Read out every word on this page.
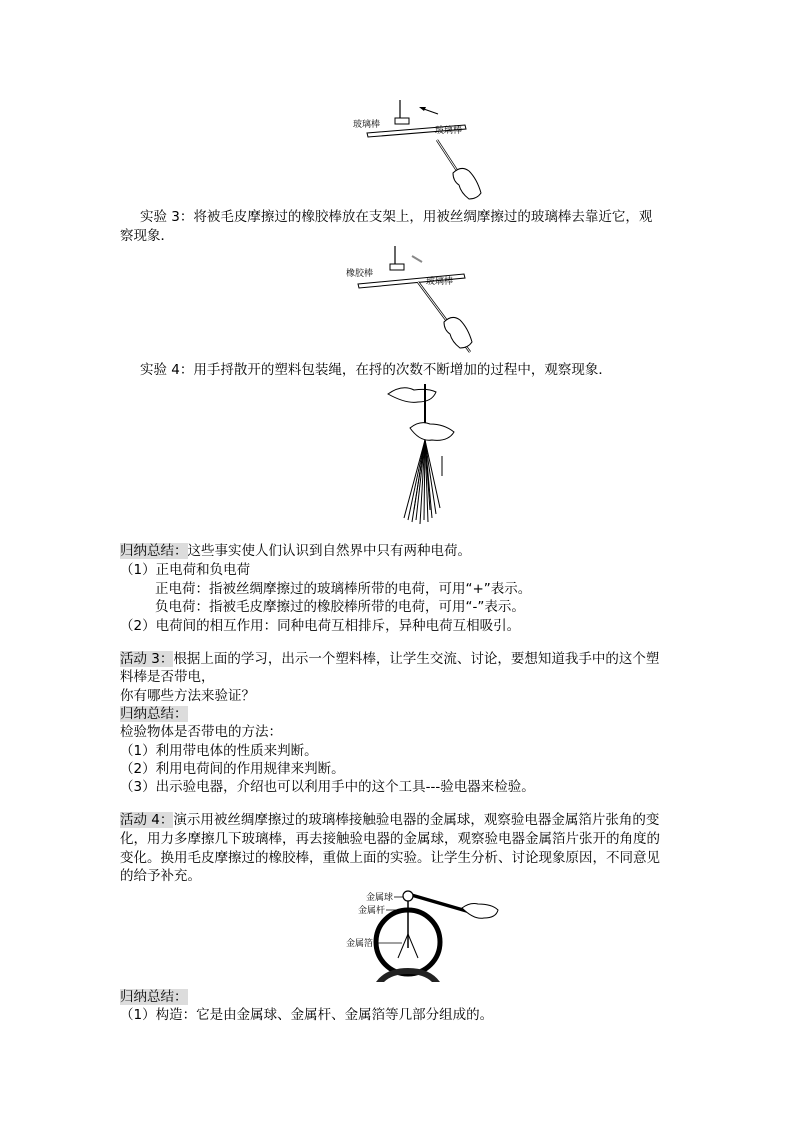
玻璃棒
玻璃棒
实验 3：将被毛皮摩擦过的橡胶棒放在支架上，用被丝绸摩擦过的玻璃棒去靠近它，观
察现象．
橡胶棒
玻璃棒
实验 4：用手捋散开的塑料包装绳，在捋的次数不断增加的过程中，观察现象．
归纳总结：这些事实使人们认识到自然界中只有两种电荷。
（1）正电荷和负电荷
正电荷：指被丝绸摩擦过的玻璃棒所带的电荷，可用“+”表示。
负电荷：指被毛皮摩擦过的橡胶棒所带的电荷，可用“-”表示。
（2）电荷间的相互作用：同种电荷互相排斥，异种电荷互相吸引。
活动 3：根据上面的学习，出示一个塑料棒，让学生交流、讨论，要想知道我手中的这个塑
料棒是否带电，
你有哪些方法来验证？
归纳总结：
检验物体是否带电的方法：
（1）利用带电体的性质来判断。
（2）利用电荷间的作用规律来判断。
（3）出示验电器，介绍也可以利用手中的这个工具---验电器来检验。
活动 4：演示用被丝绸摩擦过的玻璃棒接触验电器的金属球，观察验电器金属箔片张角的变
化，用力多摩擦几下玻璃棒，再去接触验电器的金属球，观察验电器金属箔片张开的角度的
变化。换用毛皮摩擦过的橡胶棒，重做上面的实验。让学生分析、讨论现象原因，不同意见
的给予补充。
金属球
金属杆
金属箔
归纳总结：
（1）构造：它是由金属球、金属杆、金属箔等几部分组成的。
